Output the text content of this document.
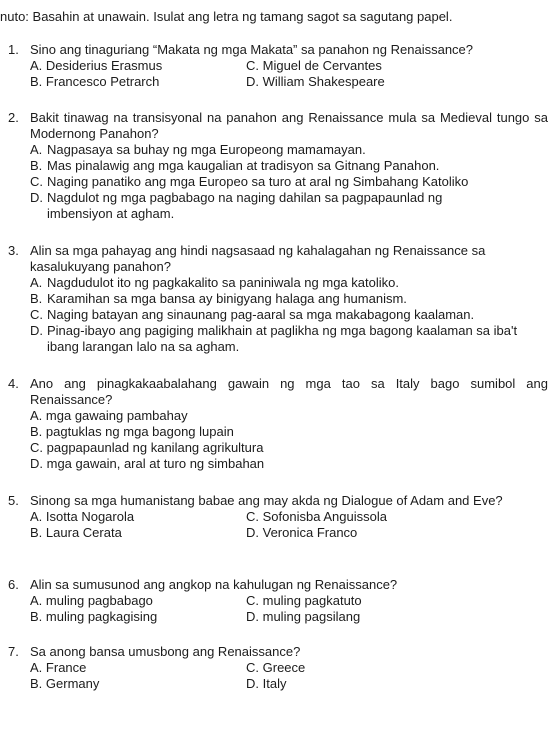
nuto: Basahin at unawain. Isulat ang letra ng tamang sagot sa sagutang papel.
1. Sino ang tinaguriang “Makata ng mga Makata” sa panahon ng Renaissance?
A. Desiderius Erasmus	C. Miguel de Cervantes
B. Francesco Petrarch	D. William Shakespeare
2. Bakit tinawag na transisyonal na panahon ang Renaissance mula sa Medieval tungo sa Modernong Panahon?
A. Nagpasaya sa buhay ng mga Europeong mamamayan.
B. Mas pinalawig ang mga kaugalian at tradisyon sa Gitnang Panahon.
C. Naging panatiko ang mga Europeo sa turo at aral ng Simbahang Katoliko
D. Nagdulot ng mga pagbabago na naging dahilan sa pagpapaunlad ng imbensiyon at agham.
3. Alin sa mga pahayag ang hindi nagsasaad ng kahalagahan ng Renaissance sa kasalukuyang panahon?
A. Nagdudulot ito ng pagkakalito sa paniniwala ng mga katoliko.
B. Karamihan sa mga bansa ay binigyang halaga ang humanism.
C. Naging batayan ang sinaunang pag-aaral sa mga makabagong kaalaman.
D. Pinag-ibayo ang pagiging malikhain at paglikha ng mga bagong kaalaman sa iba't ibang larangan lalo na sa agham.
4. Ano ang pinagkakaabalahang gawain ng mga tao sa Italy bago sumibol ang Renaissance?
A. mga gawaing pambahay
B. pagtuklas ng mga bagong lupain
C. pagpapaunlad ng kanilang agrikultura
D. mga gawain, aral at turo ng simbahan
5. Sinong sa mga humanistang babae ang may akda ng Dialogue of Adam and Eve?
A. Isotta Nogarola	C. Sofonisba Anguissola
B. Laura Cerata	D. Veronica Franco
6. Alin sa sumusunod ang angkop na kahulugan ng Renaissance?
A. muling pagbabago	C. muling pagkatuto
B. muling pagkagising	D. muling pagsilang
7. Sa anong bansa umusbong ang Renaissance?
A. France	C. Greece
B. Germany	D. Italy
